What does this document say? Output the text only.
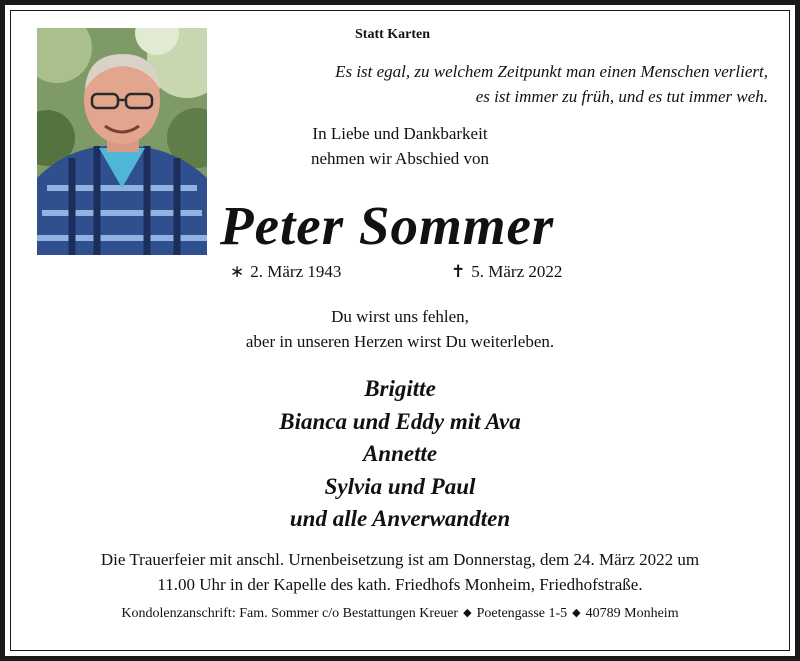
Statt Karten

Es ist egal, zu welchem Zeitpunkt man einen Menschen verliert,
es ist immer zu früh, und es tut immer weh.
In Liebe und Dankbarkeit
nehmen wir Abschied von
Peter Sommer
∗ 2. März 1943	✝ 5. März 2022
Du wirst uns fehlen,
aber in unseren Herzen wirst Du weiterleben.
Brigitte
Bianca und Eddy mit Ava
Annette
Sylvia und Paul
und alle Anverwandten
Die Trauerfeier mit anschl. Urnenbeisetzung ist am Donnerstag, dem 24. März 2022 um
11.00 Uhr in der Kapelle des kath. Friedhofs Monheim, Friedhofstraße.
Kondolenzanschrift: Fam. Sommer c/o Bestattungen Kreuer ◆ Poetengasse 1-5 ◆ 40789 Monheim
